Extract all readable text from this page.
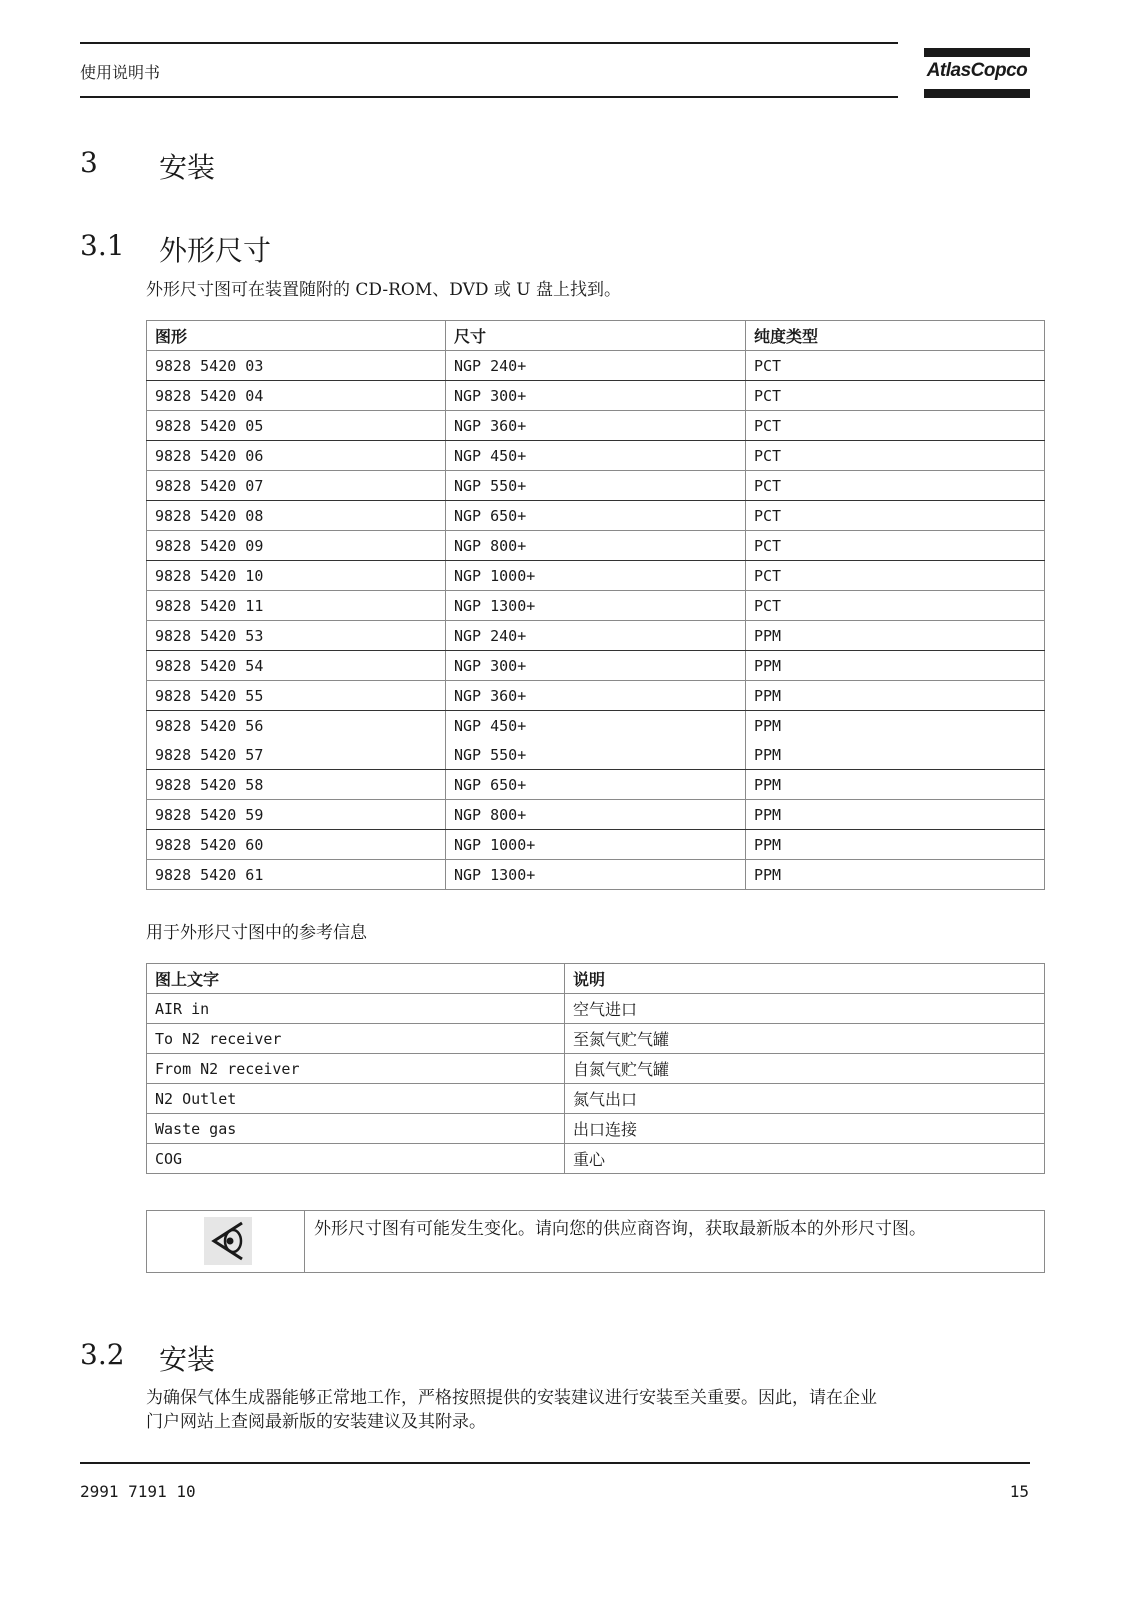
使用说明书	AtlasCopco
3 安装
3.1 外形尺寸
外形尺寸图可在装置随附的 CD-ROM、DVD 或 U 盘上找到。
图形	尺寸	纯度类型
9828 5420 03	NGP 240+	PCT
9828 5420 04	NGP 300+	PCT
9828 5420 05	NGP 360+	PCT
9828 5420 06	NGP 450+	PCT
9828 5420 07	NGP 550+	PCT
9828 5420 08	NGP 650+	PCT
9828 5420 09	NGP 800+	PCT
9828 5420 10	NGP 1000+	PCT
9828 5420 11	NGP 1300+	PCT
9828 5420 53	NGP 240+	PPM
9828 5420 54	NGP 300+	PPM
9828 5420 55	NGP 360+	PPM
9828 5420 56	NGP 450+	PPM
9828 5420 57	NGP 550+	PPM
9828 5420 58	NGP 650+	PPM
9828 5420 59	NGP 800+	PPM
9828 5420 60	NGP 1000+	PPM
9828 5420 61	NGP 1300+	PPM
用于外形尺寸图中的参考信息
图上文字	说明
AIR in	空气进口
To N2 receiver	至氮气贮气罐
From N2 receiver	自氮气贮气罐
N2 Outlet	氮气出口
Waste gas	出口连接
COG	重心
外形尺寸图有可能发生变化。请向您的供应商咨询，获取最新版本的外形尺寸图。
3.2 安装
为确保气体生成器能够正常地工作，严格按照提供的安装建议进行安装至关重要。因此，请在企业
门户网站上查阅最新版的安装建议及其附录。
2991 7191 10	15
